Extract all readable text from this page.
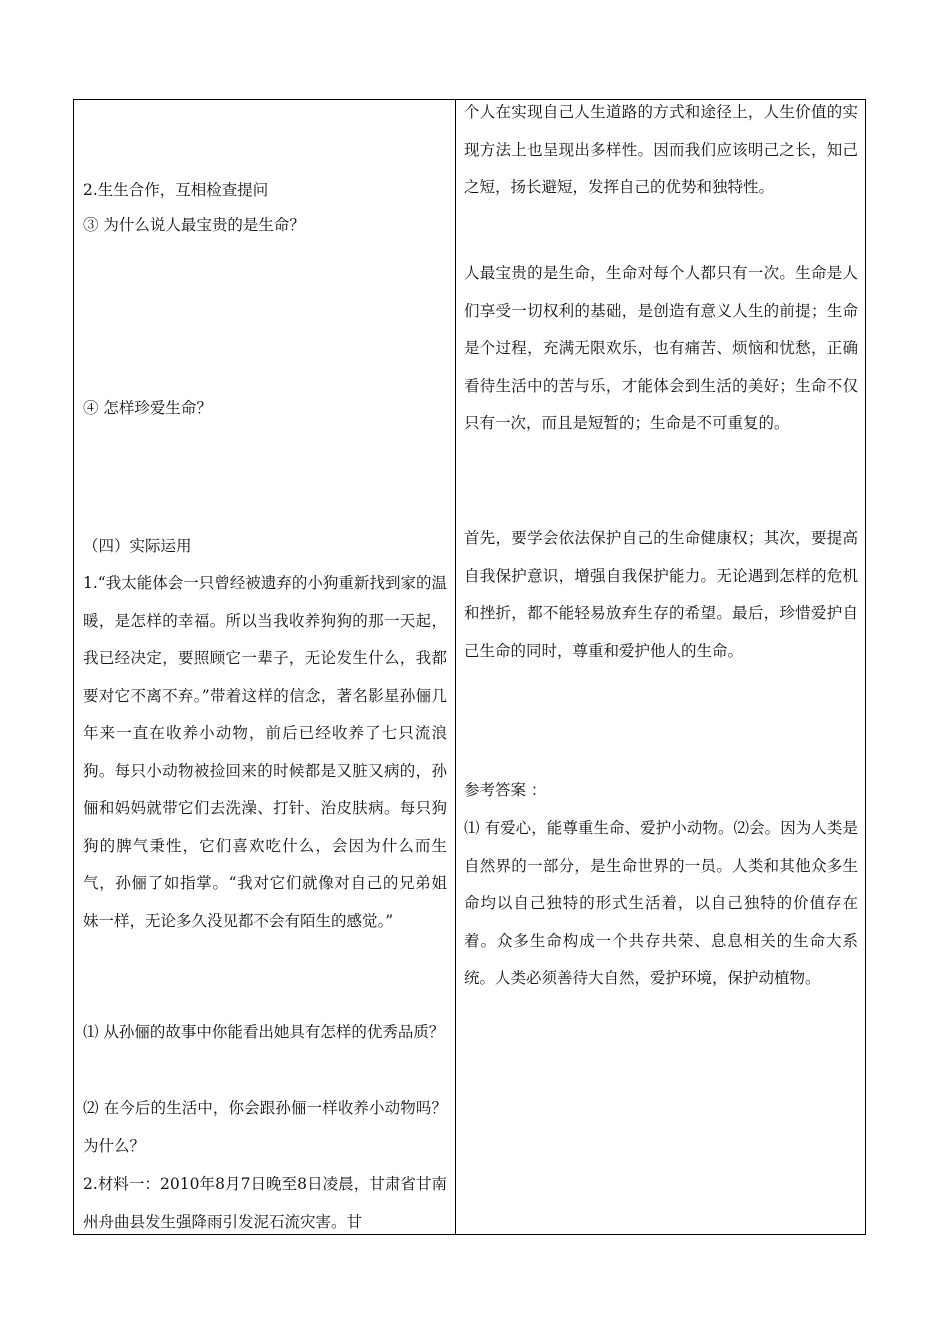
2.生生合作，互相检查提问

③ 为什么说人最宝贵的是生命？

④ 怎样珍爱生命？

（四）实际运用

1.“我太能体会一只曾经被遗弃的小狗重新找到家的温暖，是怎样的幸福。所以当我收养狗狗的那一天起，我已经决定，要照顾它一辈子，无论发生什么，我都要对它不离不弃。”带着这样的信念，著名影星孙俪几年来一直在收养小动物，前后已经收养了七只流浪狗。每只小动物被捡回来的时候都是又脏又病的，孙俪和妈妈就带它们去洗澡、打针、治皮肤病。每只狗狗的脾气秉性，它们喜欢吃什么，会因为什么而生气，孙俪了如指掌。“我对它们就像对自己的兄弟姐妹一样，无论多久没见都不会有陌生的感觉。”

⑴ 从孙俪的故事中你能看出她具有怎样的优秀品质？

⑵ 在今后的生活中，你会跟孙俪一样收养小动物吗？为什么？

2.材料一：2010年8月7日晚至8日凌晨，甘肃省甘南州舟曲县发生强降雨引发泥石流灾害。甘

个人在实现自己人生道路的方式和途径上，人生价值的实现方法上也呈现出多样性。因而我们应该明己之长，知己之短，扬长避短，发挥自己的优势和独特性。

人最宝贵的是生命，生命对每个人都只有一次。生命是人们享受一切权利的基础，是创造有意义人生的前提；生命是个过程，充满无限欢乐，也有痛苦、烦恼和忧愁，正确看待生活中的苦与乐，才能体会到生活的美好；生命不仅只有一次，而且是短暂的；生命是不可重复的。

首先，要学会依法保护自己的生命健康权；其次，要提高自我保护意识，增强自我保护能力。无论遇到怎样的危机和挫折，都不能轻易放弃生存的希望。最后，珍惜爱护自己生命的同时，尊重和爱护他人的生命。

参考答案 ：

⑴ 有爱心，能尊重生命、爱护小动物。⑵会。因为人类是自然界的一部分，是生命世界的一员。人类和其他众多生命均以自己独特的形式生活着，以自己独特的价值存在着。众多生命构成一个共存共荣、息息相关的生命大系统。人类必须善待大自然，爱护环境，保护动植物。
